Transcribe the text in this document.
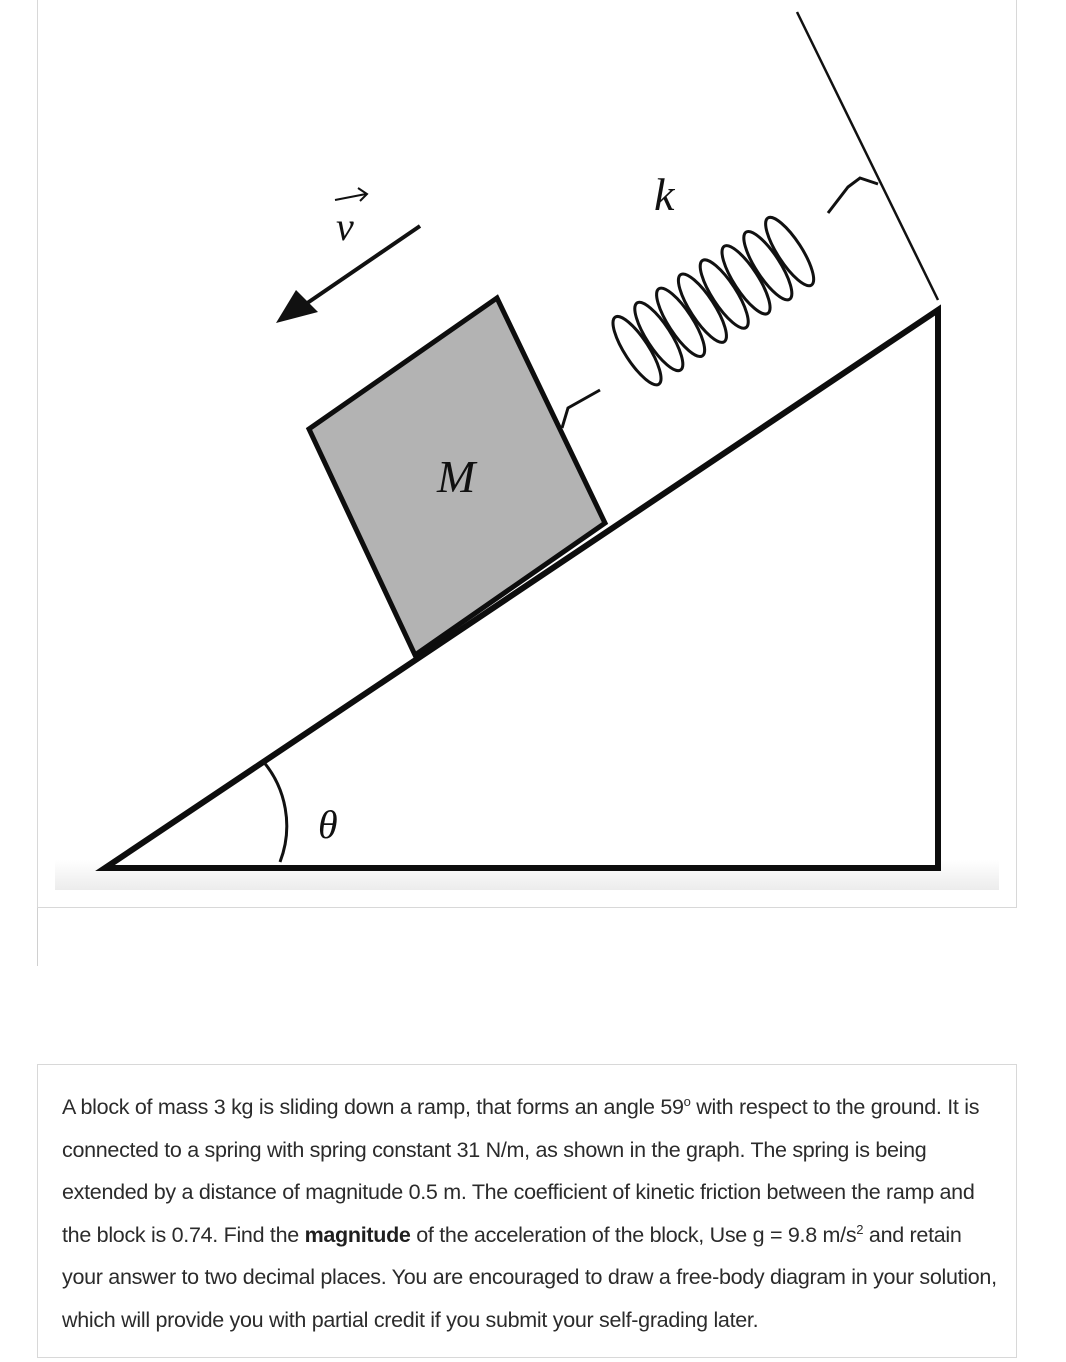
v
k
M
θ
A block of mass 3 kg is sliding down a ramp, that forms an angle 59$^o$ with respect to the ground. It is connected to a spring with spring constant 31 N/m, as shown in the graph. The spring is being extended by a distance of magnitude 0.5 m. The coefficient of kinetic friction between the ramp and the block is 0.74. Find the magnitude of the acceleration of the block, Use g = 9.8 $m/s^2$ and retain your answer to two decimal places. You are encouraged to draw a free-body diagram in your solution, which will provide you with partial credit if you submit your self-grading later.
